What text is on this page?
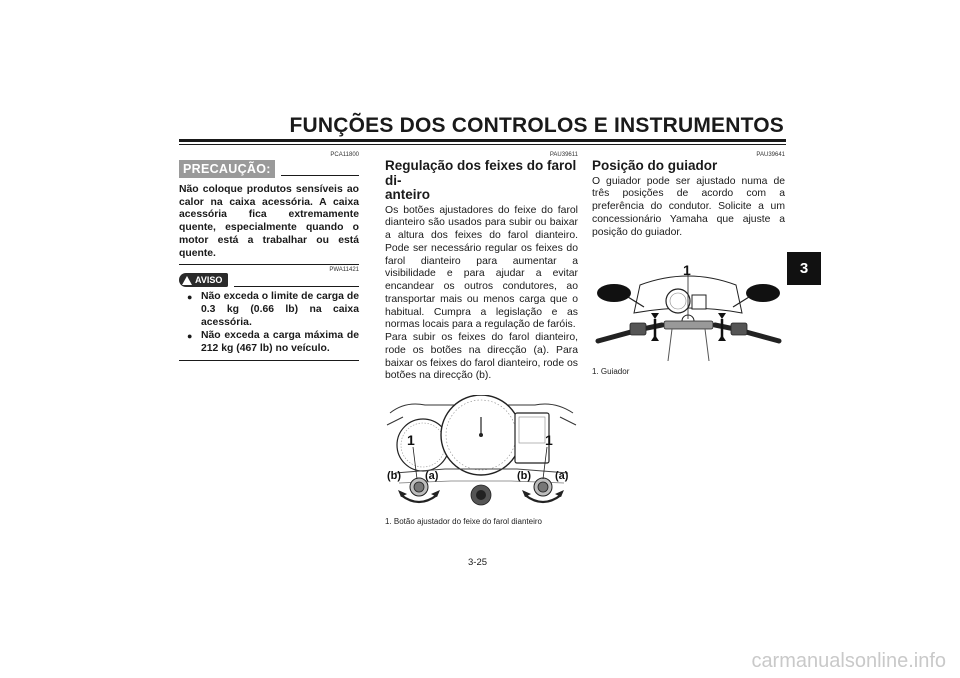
FUNÇÕES DOS CONTROLOS E INSTRUMENTOS
3
PCA11800
PRECAUÇÃO:
Não coloque produtos sensíveis ao calor na caixa acessória. A caixa acessória fica extremamente quente, especialmente quando o motor está a trabalhar ou está quente.
PWA11421
AVISO
● Não exceda o limite de carga de 0.3 kg (0.66 lb) na caixa acessória.
● Não exceda a carga máxima de 212 kg (467 lb) no veículo.
PAU39611
Regulação dos feixes do farol di-
anteiro
Os botões ajustadores do feixe do farol dianteiro são usados para subir ou baixar a altura dos feixes do farol dianteiro. Pode ser necessário regular os feixes do farol dianteiro para aumentar a visibilidade e para ajudar a evitar encandear os outros condutores, ao transportar mais ou menos carga que o habitual. Cumpra a legislação e as normas locais para a regulação de faróis.
Para subir os feixes do farol dianteiro, rode os botões na direcção (a). Para baixar os feixes do farol dianteiro, rode os botões na direcção (b).
1	1
(b) (a)	(b) (a)
1. Botão ajustador do feixe do farol dianteiro
PAU39641
Posição do guiador
O guiador pode ser ajustado numa de três posições de acordo com a preferência do condutor. Solicite a um concessionário Yamaha que ajuste a posição do guiador.
1
1. Guiador
3-25
carmanualsonline.info
